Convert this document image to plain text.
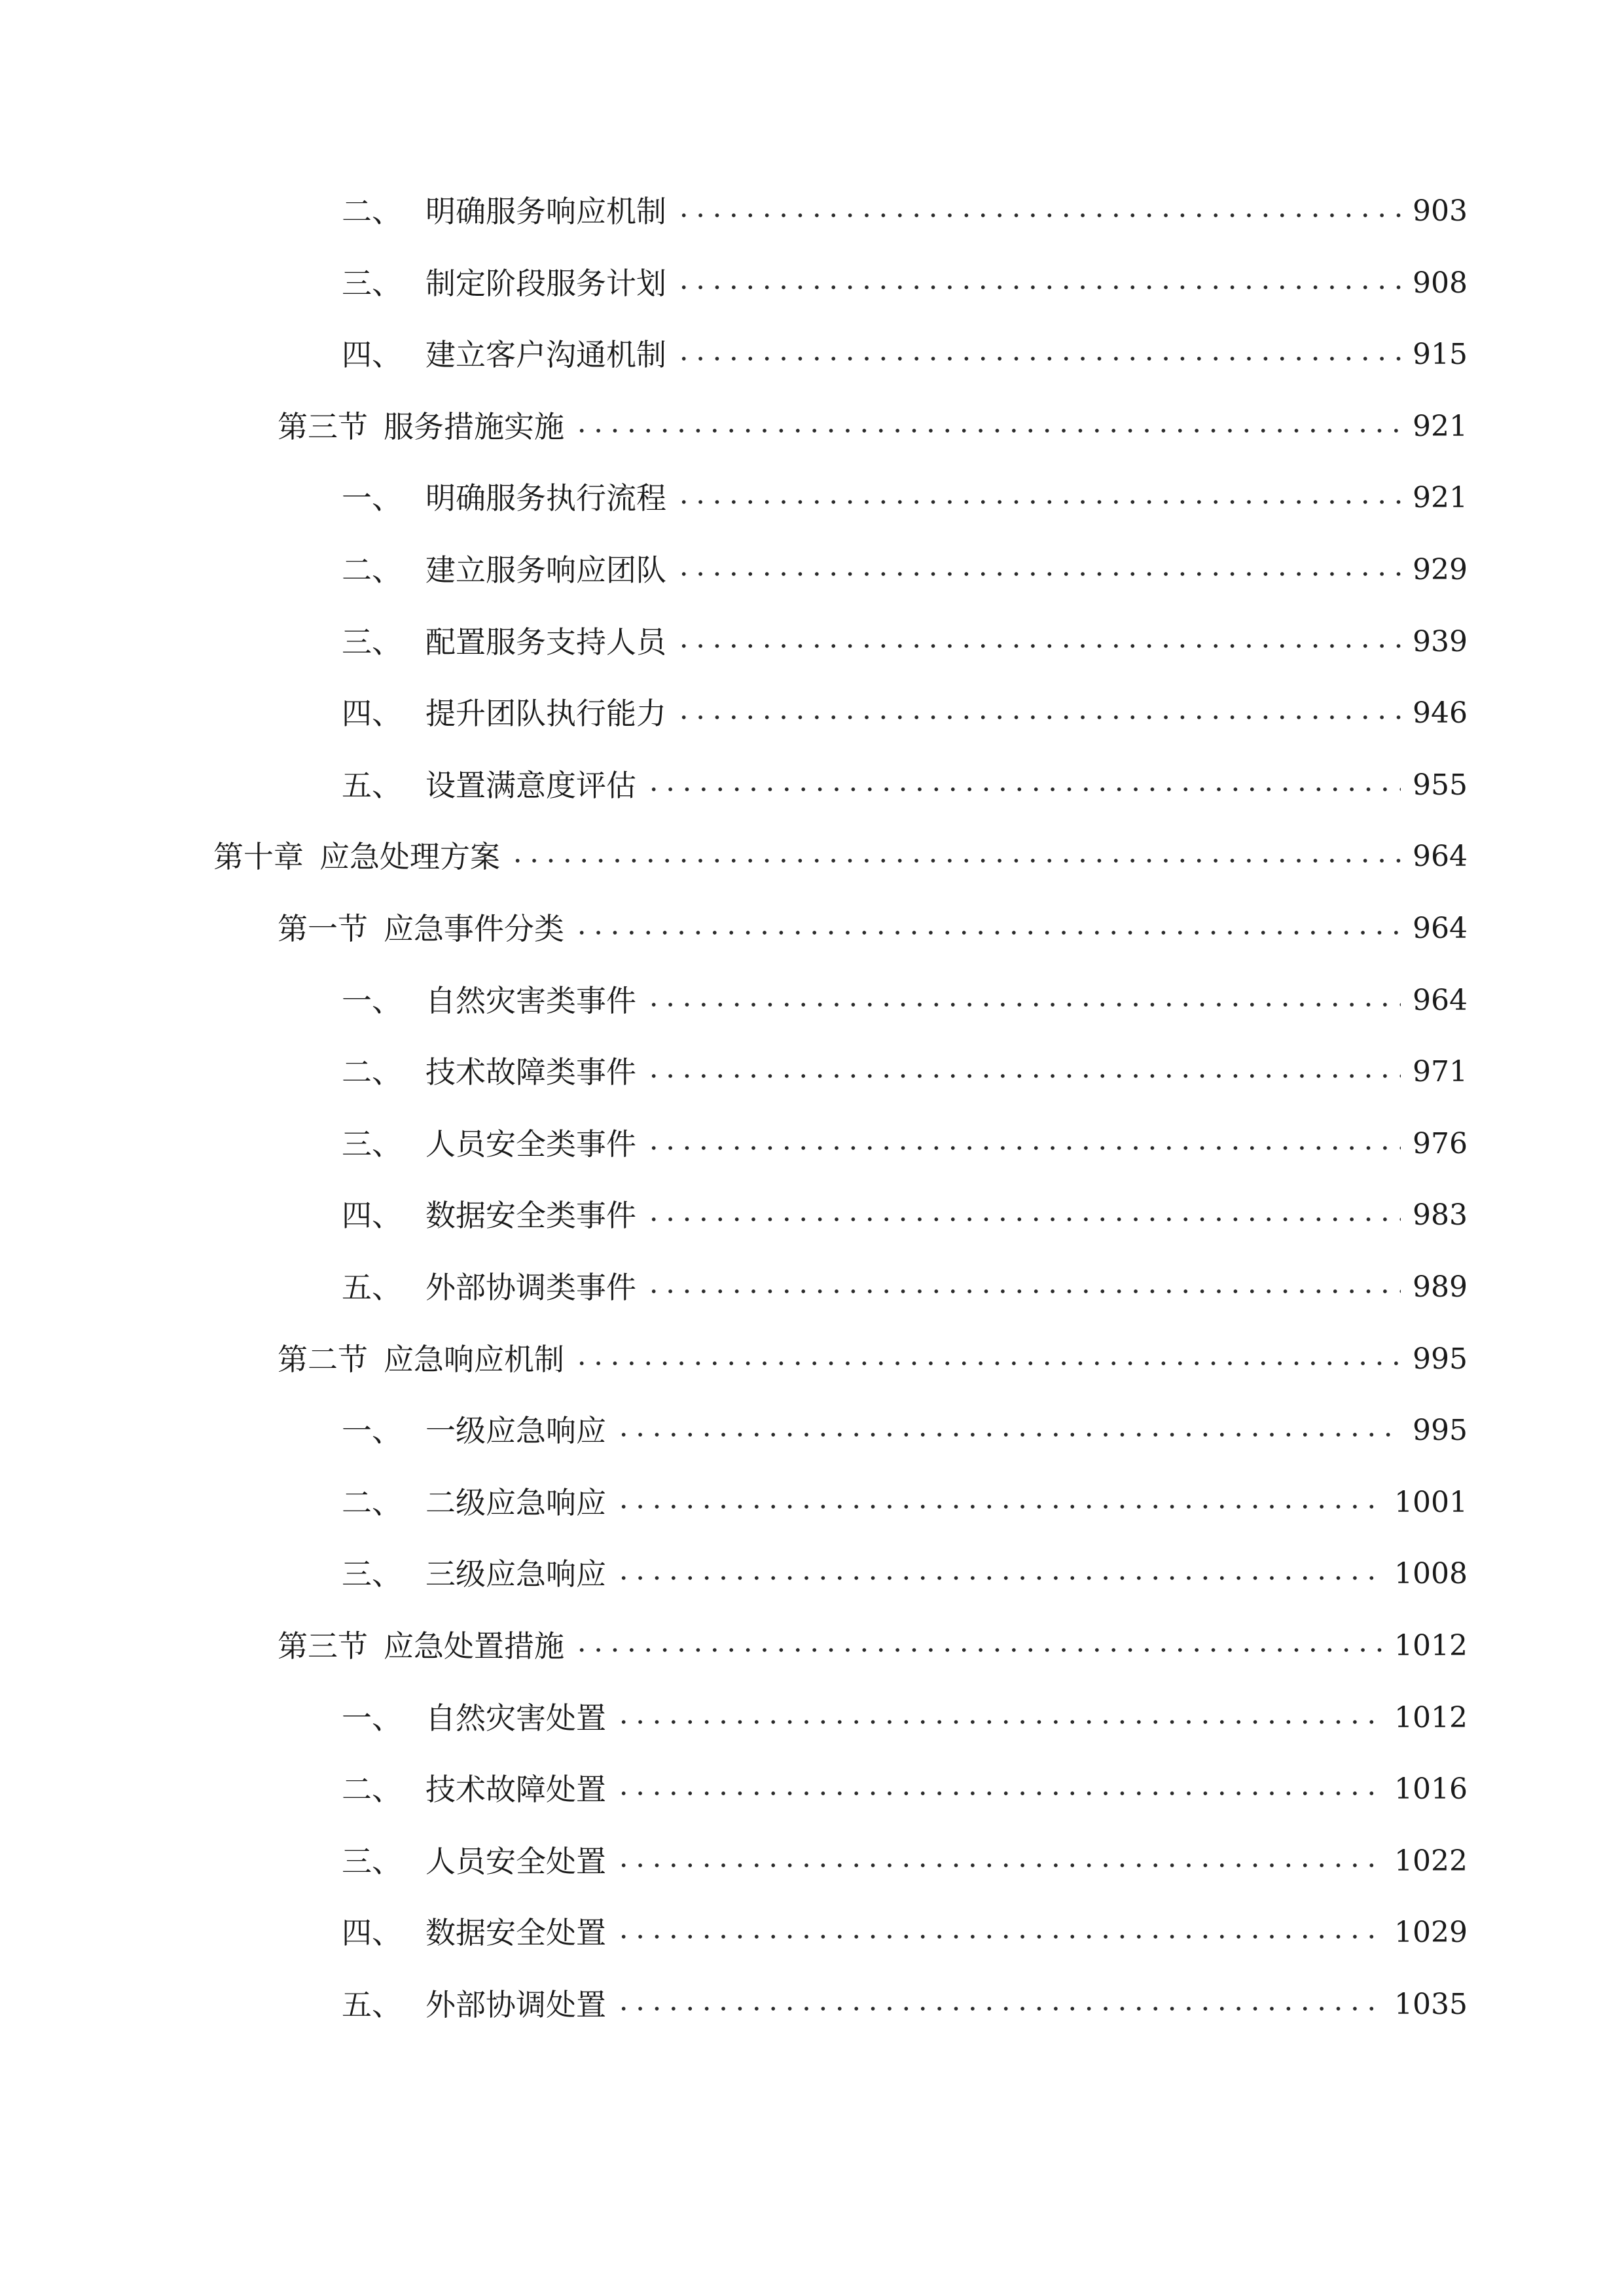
二、 明确服务响应机制	903
三、 制定阶段服务计划	908
四、 建立客户沟通机制	915
第三节 服务措施实施	921
一、 明确服务执行流程	921
二、 建立服务响应团队	929
三、 配置服务支持人员	939
四、 提升团队执行能力	946
五、 设置满意度评估	955
第十章 应急处理方案	964
第一节 应急事件分类	964
一、 自然灾害类事件	964
二、 技术故障类事件	971
三、 人员安全类事件	976
四、 数据安全类事件	983
五、 外部协调类事件	989
第二节 应急响应机制	995
一、 一级应急响应	995
二、 二级应急响应	1001
三、 三级应急响应	1008
第三节 应急处置措施	1012
一、 自然灾害处置	1012
二、 技术故障处置	1016
三、 人员安全处置	1022
四、 数据安全处置	1029
五、 外部协调处置	1035
